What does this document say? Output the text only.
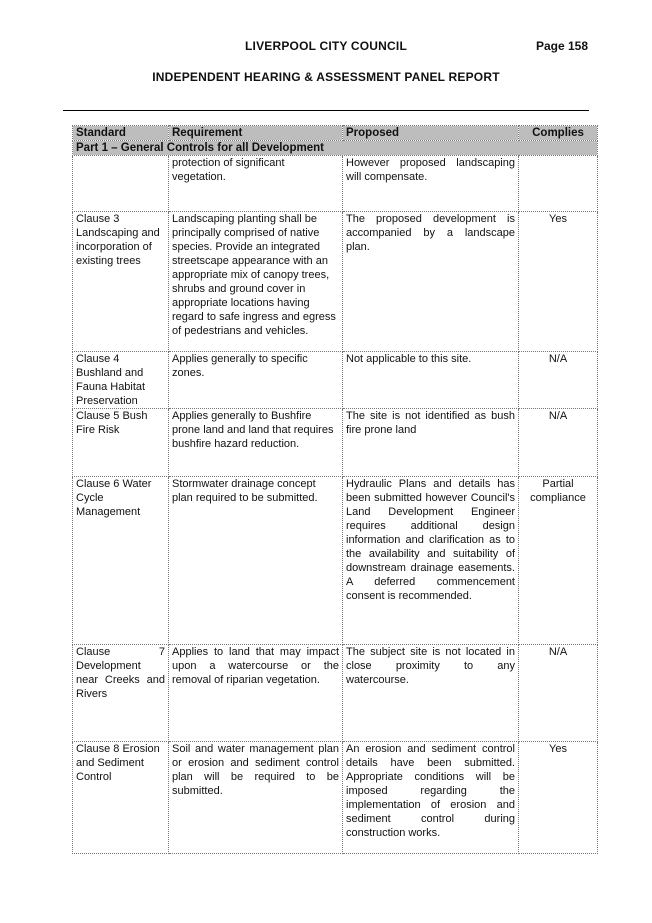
LIVERPOOL CITY COUNCIL	Page 158
INDEPENDENT HEARING & ASSESSMENT PANEL REPORT
Standard	Requirement	Proposed	Complies
Part 1 – General Controls for all Development			
	protection of significant vegetation.	However proposed landscaping will compensate.	
Clause 3 Landscaping and incorporation of existing trees	Landscaping planting shall be principally comprised of native species. Provide an integrated streetscape appearance with an appropriate mix of canopy trees, shrubs and ground cover in appropriate locations having regard to safe ingress and egress of pedestrians and vehicles.	The proposed development is accompanied by a landscape plan.	Yes
Clause 4 Bushland and Fauna Habitat Preservation	Applies generally to specific zones.	Not applicable to this site.	N/A
Clause 5 Bush Fire Risk	Applies generally to Bushfire prone land and land that requires bushfire hazard reduction.	The site is not identified as bush fire prone land	N/A
Clause 6 Water Cycle Management	Stormwater drainage concept plan required to be submitted.	Hydraulic Plans and details has been submitted however Council's Land Development Engineer requires additional design information and clarification as to the availability and suitability of downstream drainage easements. A deferred commencement consent is recommended.	Partial compliance
Clause 7 Development near Creeks and Rivers	Applies to land that may impact upon a watercourse or the removal of riparian vegetation.	The subject site is not located in close proximity to any watercourse.	N/A
Clause 8 Erosion and Sediment Control	Soil and water management plan or erosion and sediment control plan will be required to be submitted.	An erosion and sediment control details have been submitted. Appropriate conditions will be imposed regarding the implementation of erosion and sediment control during construction works.	Yes
